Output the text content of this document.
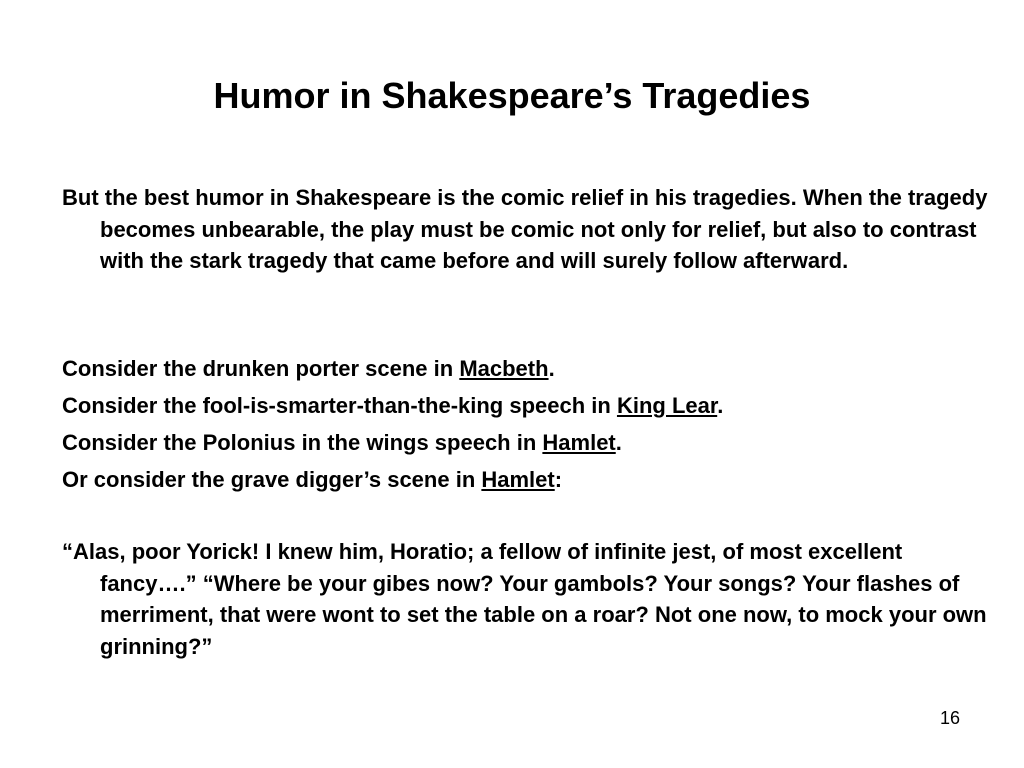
Humor in Shakespeare’s Tragedies

But the best humor in Shakespeare is the comic relief in his tragedies. When the tragedy becomes unbearable, the play must be comic not only for relief, but also to contrast with the stark tragedy that came before and will surely follow afterward.

Consider the drunken porter scene in Macbeth.

Consider the fool-is-smarter-than-the-king speech in King Lear.

Consider the Polonius in the wings speech in Hamlet.

Or consider the grave digger’s scene in Hamlet:

“Alas, poor Yorick! I knew him, Horatio; a fellow of infinite jest, of most excellent fancy….” “Where be your gibes now? Your gambols? Your songs? Your flashes of merriment, that were wont to set the table on a roar? Not one now, to mock your own grinning?”

16
